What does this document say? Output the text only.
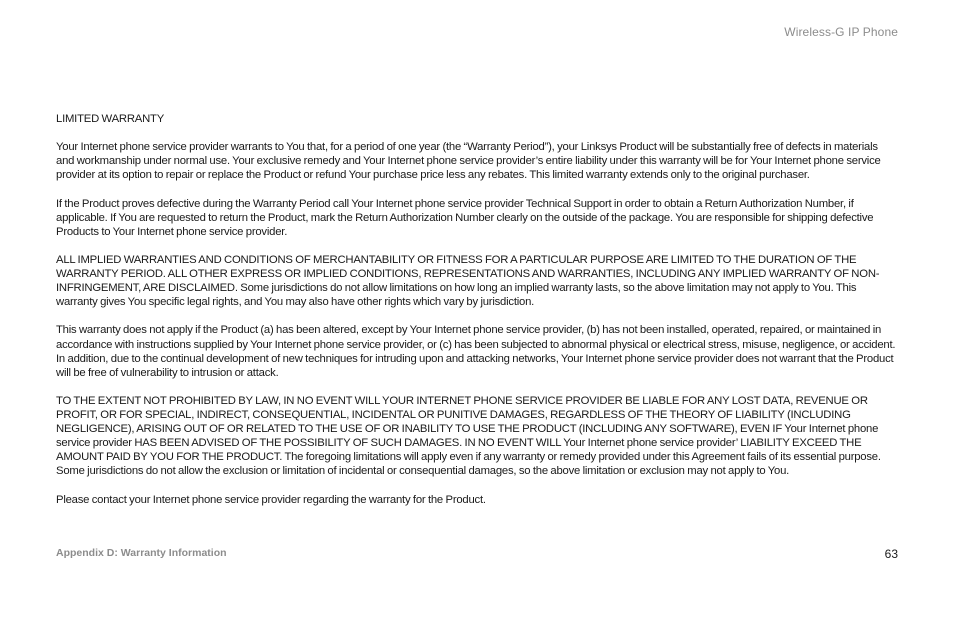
Wireless-G IP Phone

LIMITED WARRANTY

Your Internet phone service provider warrants to You that, for a period of one year (the “Warranty Period”), your Linksys Product will be substantially free of defects in materials and workmanship under normal use. Your exclusive remedy and Your Internet phone service provider’s entire liability under this warranty will be for Your Internet phone service provider at its option to repair or replace the Product or refund Your purchase price less any rebates. This limited warranty extends only to the original purchaser.

If the Product proves defective during the Warranty Period call Your Internet phone service provider Technical Support in order to obtain a Return Authorization Number, if applicable. If You are requested to return the Product, mark the Return Authorization Number clearly on the outside of the package. You are responsible for shipping defective Products to Your Internet phone service provider.

ALL IMPLIED WARRANTIES AND CONDITIONS OF MERCHANTABILITY OR FITNESS FOR A PARTICULAR PURPOSE ARE LIMITED TO THE DURATION OF THE WARRANTY PERIOD. ALL OTHER EXPRESS OR IMPLIED CONDITIONS, REPRESENTATIONS AND WARRANTIES, INCLUDING ANY IMPLIED WARRANTY OF NON-INFRINGEMENT, ARE DISCLAIMED. Some jurisdictions do not allow limitations on how long an implied warranty lasts, so the above limitation may not apply to You. This warranty gives You specific legal rights, and You may also have other rights which vary by jurisdiction.

This warranty does not apply if the Product (a) has been altered, except by Your Internet phone service provider, (b) has not been installed, operated, repaired, or maintained in accordance with instructions supplied by Your Internet phone service provider, or (c) has been subjected to abnormal physical or electrical stress, misuse, negligence, or accident. In addition, due to the continual development of new techniques for intruding upon and attacking networks, Your Internet phone service provider does not warrant that the Product will be free of vulnerability to intrusion or attack.

TO THE EXTENT NOT PROHIBITED BY LAW, IN NO EVENT WILL YOUR INTERNET PHONE SERVICE PROVIDER BE LIABLE FOR ANY LOST DATA, REVENUE OR PROFIT, OR FOR SPECIAL, INDIRECT, CONSEQUENTIAL, INCIDENTAL OR PUNITIVE DAMAGES, REGARDLESS OF THE THEORY OF LIABILITY (INCLUDING NEGLIGENCE), ARISING OUT OF OR RELATED TO THE USE OF OR INABILITY TO USE THE PRODUCT (INCLUDING ANY SOFTWARE), EVEN IF Your Internet phone service provider HAS BEEN ADVISED OF THE POSSIBILITY OF SUCH DAMAGES. IN NO EVENT WILL Your Internet phone service provider’ LIABILITY EXCEED THE AMOUNT PAID BY YOU FOR THE PRODUCT. The foregoing limitations will apply even if any warranty or remedy provided under this Agreement fails of its essential purpose. Some jurisdictions do not allow the exclusion or limitation of incidental or consequential damages, so the above limitation or exclusion may not apply to You.

Please contact your Internet phone service provider regarding the warranty for the Product.

Appendix D: Warranty Information	63
